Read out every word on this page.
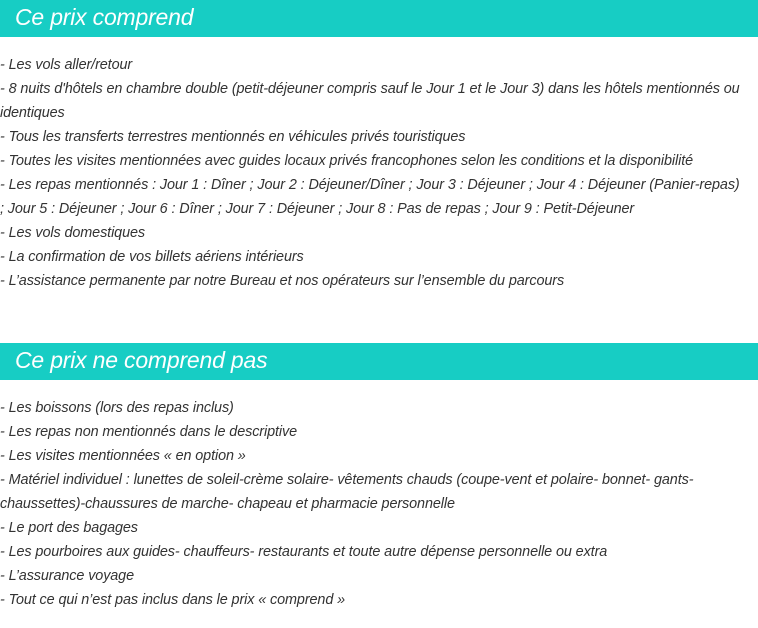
Ce prix comprend
- Les vols aller/retour
- 8 nuits d'hôtels en chambre double (petit-déjeuner compris sauf le Jour 1 et le Jour 3) dans les hôtels mentionnés ou identiques
- Tous les transferts terrestres mentionnés en véhicules privés touristiques
- Toutes les visites mentionnées avec guides locaux privés francophones selon les conditions et la disponibilité
- Les repas mentionnés : Jour 1 : Dîner ; Jour 2 : Déjeuner/Dîner ; Jour 3 : Déjeuner ; Jour 4 : Déjeuner (Panier-repas) ; Jour 5 : Déjeuner ; Jour 6 : Dîner ; Jour 7 : Déjeuner ; Jour 8 : Pas de repas ; Jour 9 : Petit-Déjeuner
- Les vols domestiques
- La confirmation de vos billets aériens intérieurs
- L’assistance permanente par notre Bureau et nos opérateurs sur l’ensemble du parcours
Ce prix ne comprend pas
- Les boissons (lors des repas inclus)
- Les repas non mentionnés dans le descriptive
- Les visites mentionnées « en option »
- Matériel individuel : lunettes de soleil-crème solaire- vêtements chauds (coupe-vent et polaire- bonnet- gants- chaussettes)-chaussures de marche- chapeau et pharmacie personnelle
- Le port des bagages
- Les pourboires aux guides- chauffeurs- restaurants et toute autre dépense personnelle ou extra
- L’assurance voyage
- Tout ce qui n’est pas inclus dans le prix « comprend »
